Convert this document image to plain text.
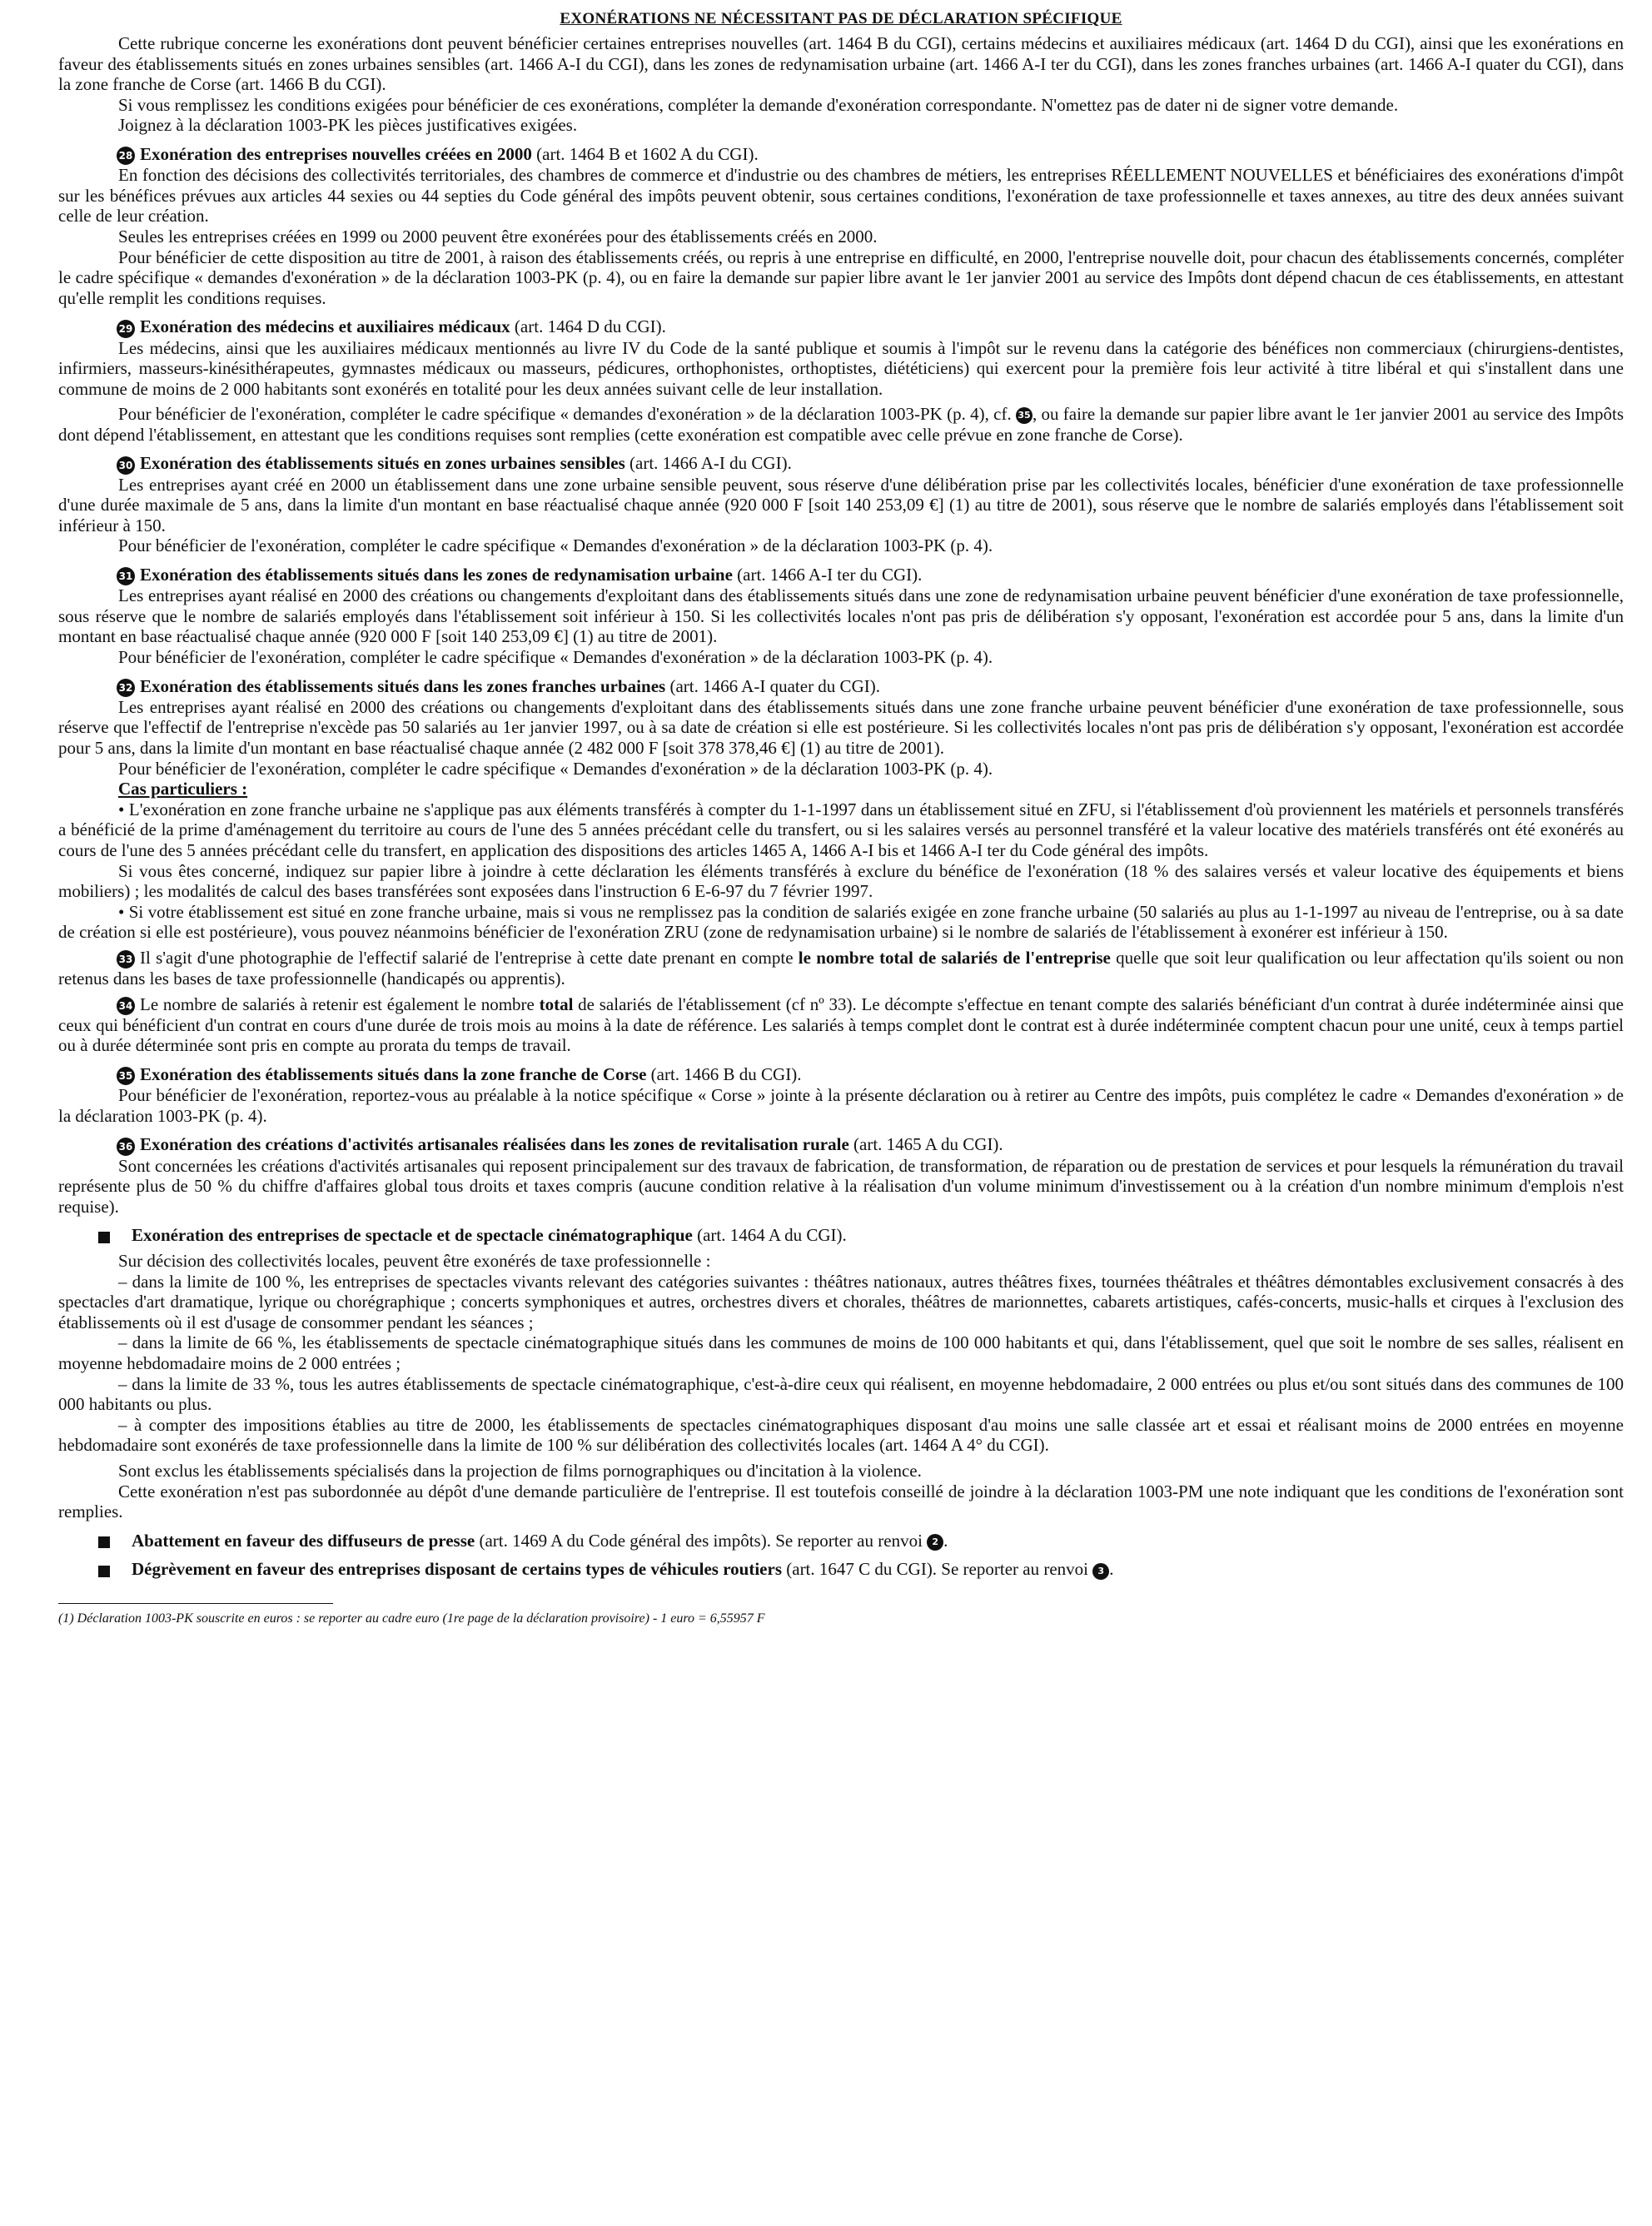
EXONÉRATIONS NE NÉCESSITANT PAS DE DÉCLARATION SPÉCIFIQUE

Cette rubrique concerne les exonérations dont peuvent bénéficier certaines entreprises nouvelles (art. 1464 B du CGI), certains médecins et auxiliaires médicaux (art. 1464 D du CGI), ainsi que les exonérations en faveur des établissements situés en zones urbaines sensibles (art. 1466 A-I du CGI), dans les zones de redynamisation urbaine (art. 1466 A-I ter du CGI), dans les zones franches urbaines (art. 1466 A-I quater du CGI), dans la zone franche de Corse (art. 1466 B du CGI).

Si vous remplissez les conditions exigées pour bénéficier de ces exonérations, compléter la demande d'exonération correspondante. N'omettez pas de dater ni de signer votre demande.

Joignez à la déclaration 1003-PK les pièces justificatives exigées.

28 Exonération des entreprises nouvelles créées en 2000 (art. 1464 B et 1602 A du CGI).

En fonction des décisions des collectivités territoriales, des chambres de commerce et d'industrie ou des chambres de métiers, les entreprises RÉELLEMENT NOUVELLES et bénéficiaires des exonérations d'impôt sur les bénéfices prévues aux articles 44 sexies ou 44 septies du Code général des impôts peuvent obtenir, sous certaines conditions, l'exonération de taxe professionnelle et taxes annexes, au titre des deux années suivant celle de leur création.

Seules les entreprises créées en 1999 ou 2000 peuvent être exonérées pour des établissements créés en 2000.

Pour bénéficier de cette disposition au titre de 2001, à raison des établissements créés, ou repris à une entreprise en difficulté, en 2000, l'entreprise nouvelle doit, pour chacun des établissements concernés, compléter le cadre spécifique « demandes d'exonération » de la déclaration 1003-PK (p. 4), ou en faire la demande sur papier libre avant le 1er janvier 2001 au service des Impôts dont dépend chacun de ces établissements, en attestant qu'elle remplit les conditions requises.

29 Exonération des médecins et auxiliaires médicaux (art. 1464 D du CGI).

Les médecins, ainsi que les auxiliaires médicaux mentionnés au livre IV du Code de la santé publique et soumis à l'impôt sur le revenu dans la catégorie des bénéfices non commerciaux (chirurgiens-dentistes, infirmiers, masseurs-kinésithérapeutes, gymnastes médicaux ou masseurs, pédicures, orthophonistes, orthoptistes, diététiciens) qui exercent pour la première fois leur activité à titre libéral et qui s'installent dans une commune de moins de 2 000 habitants sont exonérés en totalité pour les deux années suivant celle de leur installation.

Pour bénéficier de l'exonération, compléter le cadre spécifique « demandes d'exonération » de la déclaration 1003-PK (p. 4), cf. 35 , ou faire la demande sur papier libre avant le 1er janvier 2001 au service des Impôts dont dépend l'établissement, en attestant que les conditions requises sont remplies (cette exonération est compatible avec celle prévue en zone franche de Corse).

30 Exonération des établissements situés en zones urbaines sensibles (art. 1466 A-I du CGI).

Les entreprises ayant créé en 2000 un établissement dans une zone urbaine sensible peuvent, sous réserve d'une délibération prise par les collectivités locales, bénéficier d'une exonération de taxe professionnelle d'une durée maximale de 5 ans, dans la limite d'un montant en base réactualisé chaque année (920 000 F [soit 140 253,09 €] (1) au titre de 2001), sous réserve que le nombre de salariés employés dans l'établissement soit inférieur à 150.

Pour bénéficier de l'exonération, compléter le cadre spécifique « Demandes d'exonération » de la déclaration 1003-PK (p. 4).

31 Exonération des établissements situés dans les zones de redynamisation urbaine (art. 1466 A-I ter du CGI).

Les entreprises ayant réalisé en 2000 des créations ou changements d'exploitant dans des établissements situés dans une zone de redynamisation urbaine peuvent bénéficier d'une exonération de taxe professionnelle, sous réserve que le nombre de salariés employés dans l'établissement soit inférieur à 150. Si les collectivités locales n'ont pas pris de délibération s'y opposant, l'exonération est accordée pour 5 ans, dans la limite d'un montant en base réactualisé chaque année (920 000 F [soit 140 253,09 €] (1) au titre de 2001).

Pour bénéficier de l'exonération, compléter le cadre spécifique « Demandes d'exonération » de la déclaration 1003-PK (p. 4).

32 Exonération des établissements situés dans les zones franches urbaines (art. 1466 A-I quater du CGI).

Les entreprises ayant réalisé en 2000 des créations ou changements d'exploitant dans des établissements situés dans une zone franche urbaine peuvent bénéficier d'une exonération de taxe professionnelle, sous réserve que l'effectif de l'entreprise n'excède pas 50 salariés au 1er janvier 1997, ou à sa date de création si elle est postérieure. Si les collectivités locales n'ont pas pris de délibération s'y opposant, l'exonération est accordée pour 5 ans, dans la limite d'un montant en base réactualisé chaque année (2 482 000 F [soit 378 378,46 €] (1) au titre de 2001).

Pour bénéficier de l'exonération, compléter le cadre spécifique « Demandes d'exonération » de la déclaration 1003-PK (p. 4).

Cas particuliers :

• L'exonération en zone franche urbaine ne s'applique pas aux éléments transférés à compter du 1-1-1997 dans un établissement situé en ZFU, si l'établissement d'où proviennent les matériels et personnels transférés a bénéficié de la prime d'aménagement du territoire au cours de l'une des 5 années précédant celle du transfert, ou si les salaires versés au personnel transféré et la valeur locative des matériels transférés ont été exonérés au cours de l'une des 5 années précédant celle du transfert, en application des dispositions des articles 1465 A, 1466 A-I bis et 1466 A-I ter du Code général des impôts.

Si vous êtes concerné, indiquez sur papier libre à joindre à cette déclaration les éléments transférés à exclure du bénéfice de l'exonération (18 % des salaires versés et valeur locative des équipements et biens mobiliers) ; les modalités de calcul des bases transférées sont exposées dans l'instruction 6 E-6-97 du 7 février 1997.

• Si votre établissement est situé en zone franche urbaine, mais si vous ne remplissez pas la condition de salariés exigée en zone franche urbaine (50 salariés au plus au 1-1-1997 au niveau de l'entreprise, ou à sa date de création si elle est postérieure), vous pouvez néanmoins bénéficier de l'exonération ZRU (zone de redynamisation urbaine) si le nombre de salariés de l'établissement à exonérer est inférieur à 150.

33 Il s'agit d'une photographie de l'effectif salarié de l'entreprise à cette date prenant en compte le nombre total de salariés de l'entreprise quelle que soit leur qualification ou leur affectation qu'ils soient ou non retenus dans les bases de taxe professionnelle (handicapés ou apprentis).

34 Le nombre de salariés à retenir est également le nombre total de salariés de l'établissement (cf nº 33). Le décompte s'effectue en tenant compte des salariés bénéficiant d'un contrat à durée indéterminée ainsi que ceux qui bénéficient d'un contrat en cours d'une durée de trois mois au moins à la date de référence. Les salariés à temps complet dont le contrat est à durée indéterminée comptent chacun pour une unité, ceux à temps partiel ou à durée déterminée sont pris en compte au prorata du temps de travail.

35 Exonération des établissements situés dans la zone franche de Corse (art. 1466 B du CGI).

Pour bénéficier de l'exonération, reportez-vous au préalable à la notice spécifique « Corse » jointe à la présente déclaration ou à retirer au Centre des impôts, puis complétez le cadre « Demandes d'exonération » de la déclaration 1003-PK (p. 4).

36 Exonération des créations d'activités artisanales réalisées dans les zones de revitalisation rurale (art. 1465 A du CGI).

Sont concernées les créations d'activités artisanales qui reposent principalement sur des travaux de fabrication, de transformation, de réparation ou de prestation de services et pour lesquels la rémunération du travail représente plus de 50 % du chiffre d'affaires global tous droits et taxes compris (aucune condition relative à la réalisation d'un volume minimum d'investissement ou à la création d'un nombre minimum d'emplois n'est requise).

Exonération des entreprises de spectacle et de spectacle cinématographique (art. 1464 A du CGI).

Sur décision des collectivités locales, peuvent être exonérés de taxe professionnelle :

– dans la limite de 100 %, les entreprises de spectacles vivants relevant des catégories suivantes : théâtres nationaux, autres théâtres fixes, tournées théâtrales et théâtres démontables exclusivement consacrés à des spectacles d'art dramatique, lyrique ou chorégraphique ; concerts symphoniques et autres, orchestres divers et chorales, théâtres de marionnettes, cabarets artistiques, cafés-concerts, music-halls et cirques à l'exclusion des établissements où il est d'usage de consommer pendant les séances ;

– dans la limite de 66 %, les établissements de spectacle cinématographique situés dans les communes de moins de 100 000 habitants et qui, dans l'établissement, quel que soit le nombre de ses salles, réalisent en moyenne hebdomadaire moins de 2 000 entrées ;

– dans la limite de 33 %, tous les autres établissements de spectacle cinématographique, c'est-à-dire ceux qui réalisent, en moyenne hebdomadaire, 2 000 entrées ou plus et/ou sont situés dans des communes de 100 000 habitants ou plus.

– à compter des impositions établies au titre de 2000, les établissements de spectacles cinématographiques disposant d'au moins une salle classée art et essai et réalisant moins de 2000 entrées en moyenne hebdomadaire sont exonérés de taxe professionnelle dans la limite de 100 % sur délibération des collectivités locales (art. 1464 A 4° du CGI).

Sont exclus les établissements spécialisés dans la projection de films pornographiques ou d'incitation à la violence.

Cette exonération n'est pas subordonnée au dépôt d'une demande particulière de l'entreprise. Il est toutefois conseillé de joindre à la déclaration 1003-PM une note indiquant que les conditions de l'exonération sont remplies.

Abattement en faveur des diffuseurs de presse (art. 1469 A du Code général des impôts). Se reporter au renvoi 2 .

Dégrèvement en faveur des entreprises disposant de certains types de véhicules routiers (art. 1647 C du CGI). Se reporter au renvoi 3 .

(1) Déclaration 1003-PK souscrite en euros : se reporter au cadre euro (1re page de la déclaration provisoire) - 1 euro = 6,55957 F
